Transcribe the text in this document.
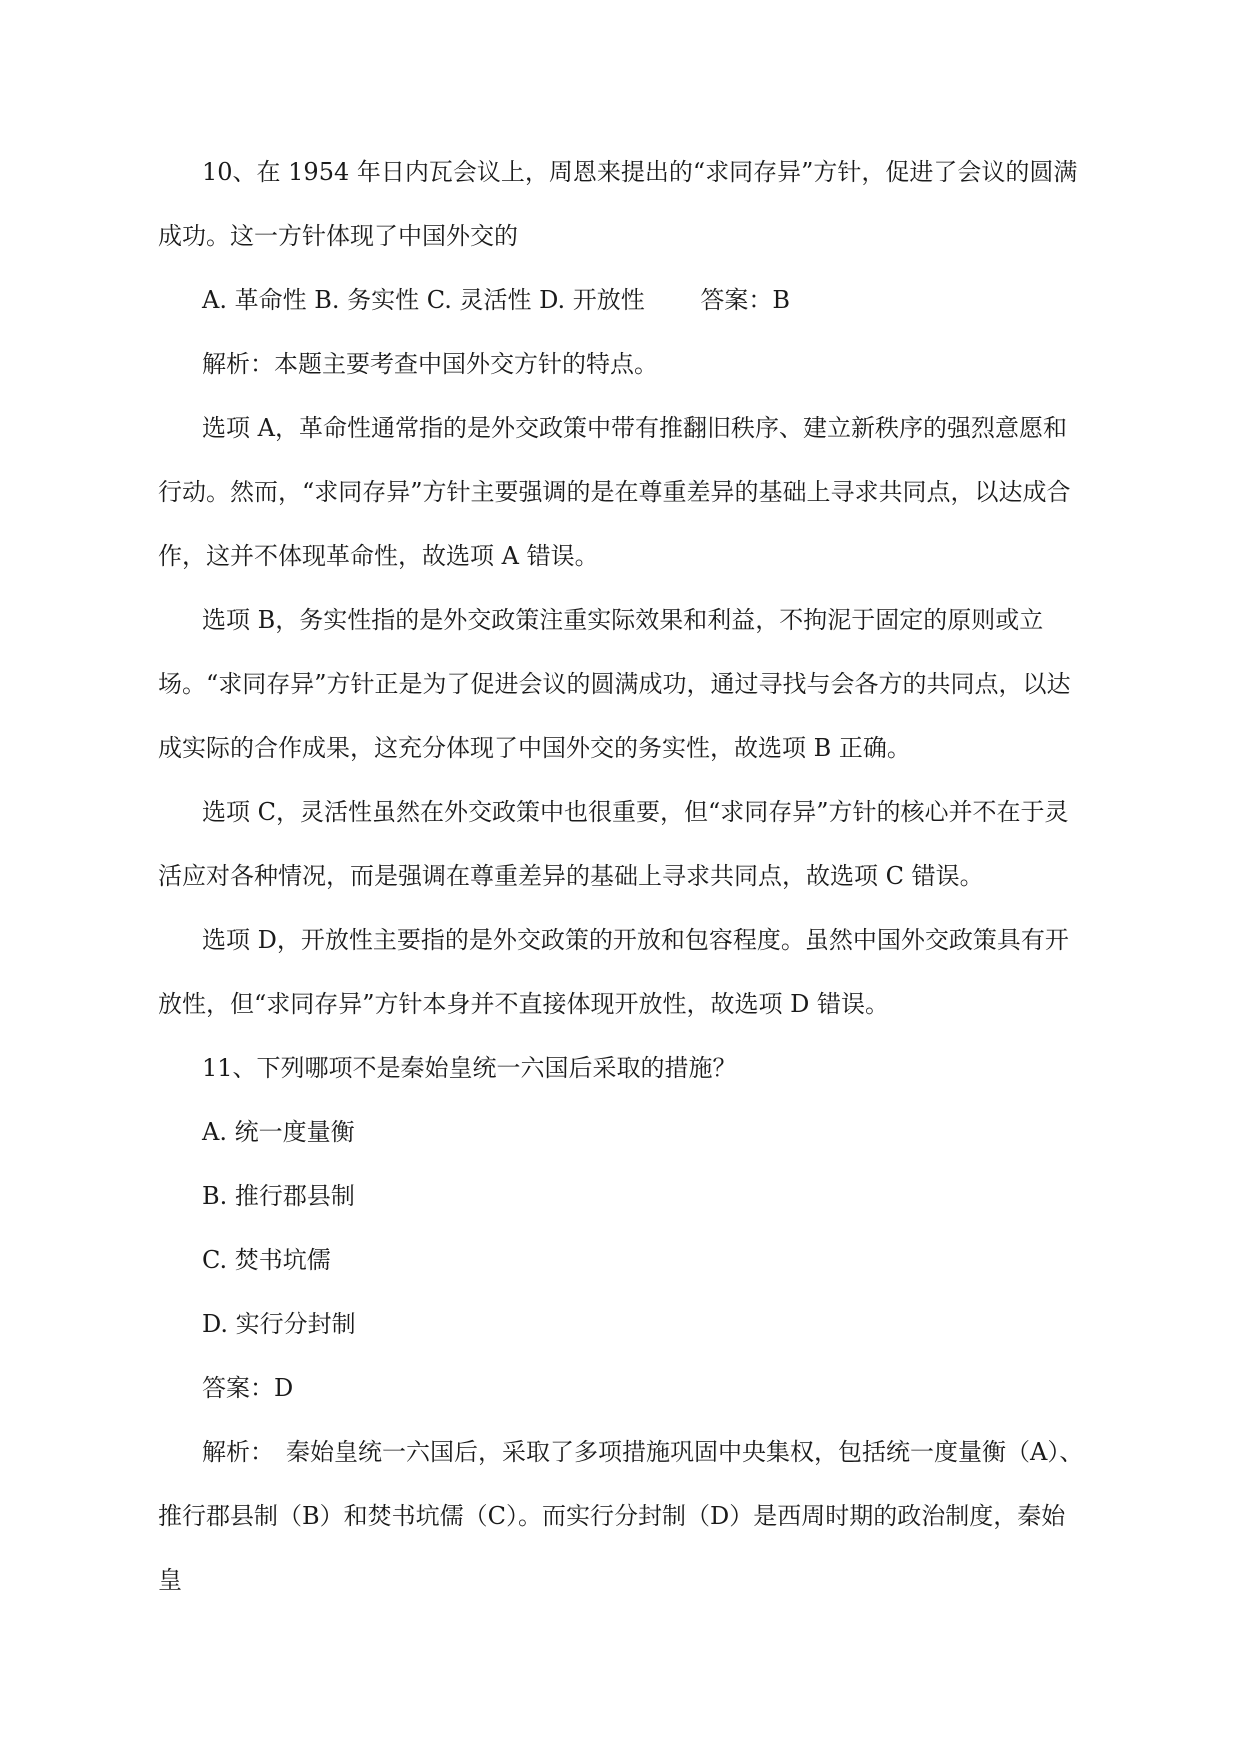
10、在 1954 年日内瓦会议上，周恩来提出的“求同存异”方针，促进了会议的圆满成功。这一方针体现了中国外交的

A. 革命性 B. 务实性 C. 灵活性 D. 开放性　　 答案：B

解析：本题主要考查中国外交方针的特点。

选项 A，革命性通常指的是外交政策中带有推翻旧秩序、建立新秩序的强烈意愿和行动。然而，“求同存异”方针主要强调的是在尊重差异的基础上寻求共同点，以达成合作，这并不体现革命性，故选项 A 错误。

选项 B，务实性指的是外交政策注重实际效果和利益，不拘泥于固定的原则或立场。“求同存异”方针正是为了促进会议的圆满成功，通过寻找与会各方的共同点，以达成实际的合作成果，这充分体现了中国外交的务实性，故选项 B 正确。

选项 C，灵活性虽然在外交政策中也很重要，但“求同存异”方针的核心并不在于灵活应对各种情况，而是强调在尊重差异的基础上寻求共同点，故选项 C 错误。

选项 D，开放性主要指的是外交政策的开放和包容程度。虽然中国外交政策具有开放性，但“求同存异”方针本身并不直接体现开放性，故选项 D 错误。

11、下列哪项不是秦始皇统一六国后采取的措施？

A. 统一度量衡

B. 推行郡县制

C. 焚书坑儒

D. 实行分封制

答案：D

解析：　秦始皇统一六国后，采取了多项措施巩固中央集权，包括统一度量衡（A）、推行郡县制（B）和焚书坑儒（C）。而实行分封制（D）是西周时期的政治制度，秦始皇
